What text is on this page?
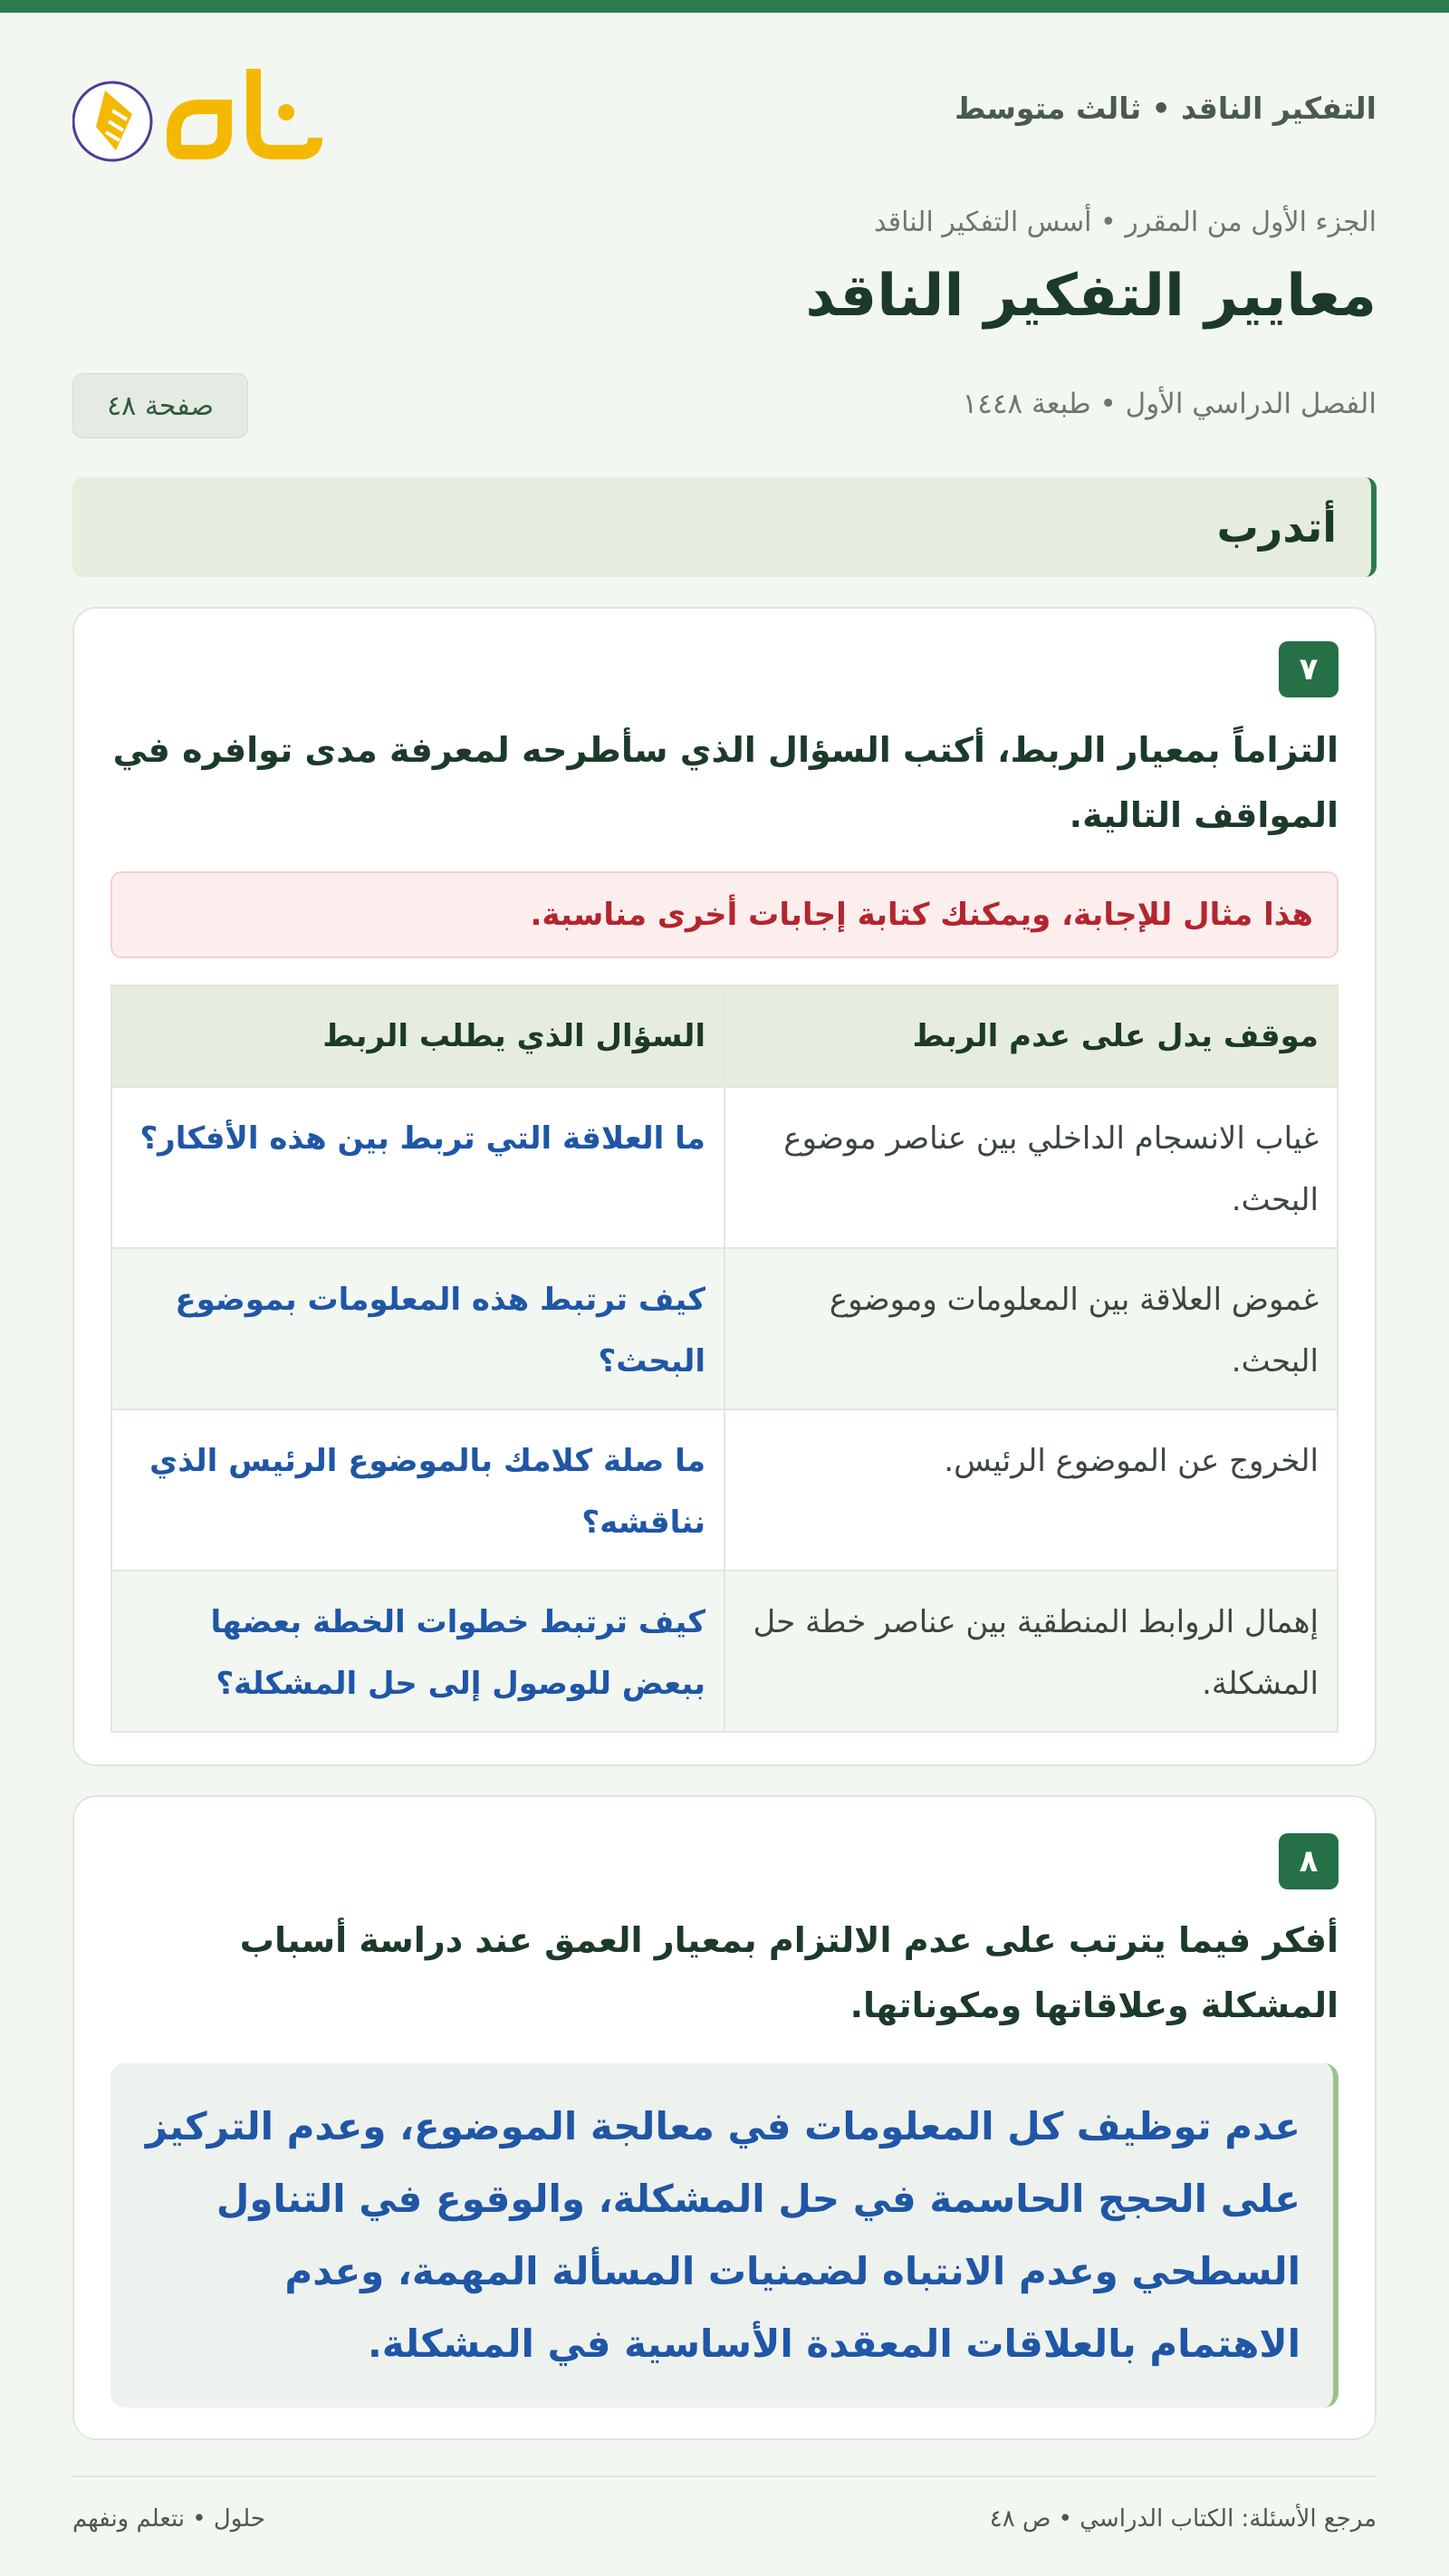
التفكير الناقد • ثالث متوسط
الجزء الأول من المقرر • أسس التفكير الناقد
معايير التفكير الناقد
الفصل الدراسي الأول • طبعة ١٤٤٨
صفحة ٤٨
أتدرب
٧

التزاماً بمعيار الربط، أكتب السؤال الذي سأطرحه لمعرفة مدى توافره في المواقف التالية.

هذا مثال للإجابة، ويمكنك كتابة إجابات أخرى مناسبة.
موقف يدل على عدم الربط	السؤال الذي يطلب الربط
غياب الانسجام الداخلي بين عناصر موضوع البحث.	ما العلاقة التي تربط بين هذه الأفكار؟
غموض العلاقة بين المعلومات وموضوع البحث.	كيف ترتبط هذه المعلومات بموضوع البحث؟
الخروج عن الموضوع الرئيس.	ما صلة كلامك بالموضوع الرئيس الذي نناقشه؟
إهمال الروابط المنطقية بين عناصر خطة حل المشكلة.	كيف ترتبط خطوات الخطة بعضها ببعض للوصول إلى حل المشكلة؟
٨

أفكر فيما يترتب على عدم الالتزام بمعيار العمق عند دراسة أسباب المشكلة وعلاقاتها ومكوناتها.

عدم توظيف كل المعلومات في معالجة الموضوع، وعدم التركيز على الحجج الحاسمة في حل المشكلة، والوقوع في التناول السطحي وعدم الانتباه لضمنيات المسألة المهمة، وعدم الاهتمام بالعلاقات المعقدة الأساسية في المشكلة.
مرجع الأسئلة: الكتاب الدراسي • ص ٤٨
حلول • نتعلم ونفهم
